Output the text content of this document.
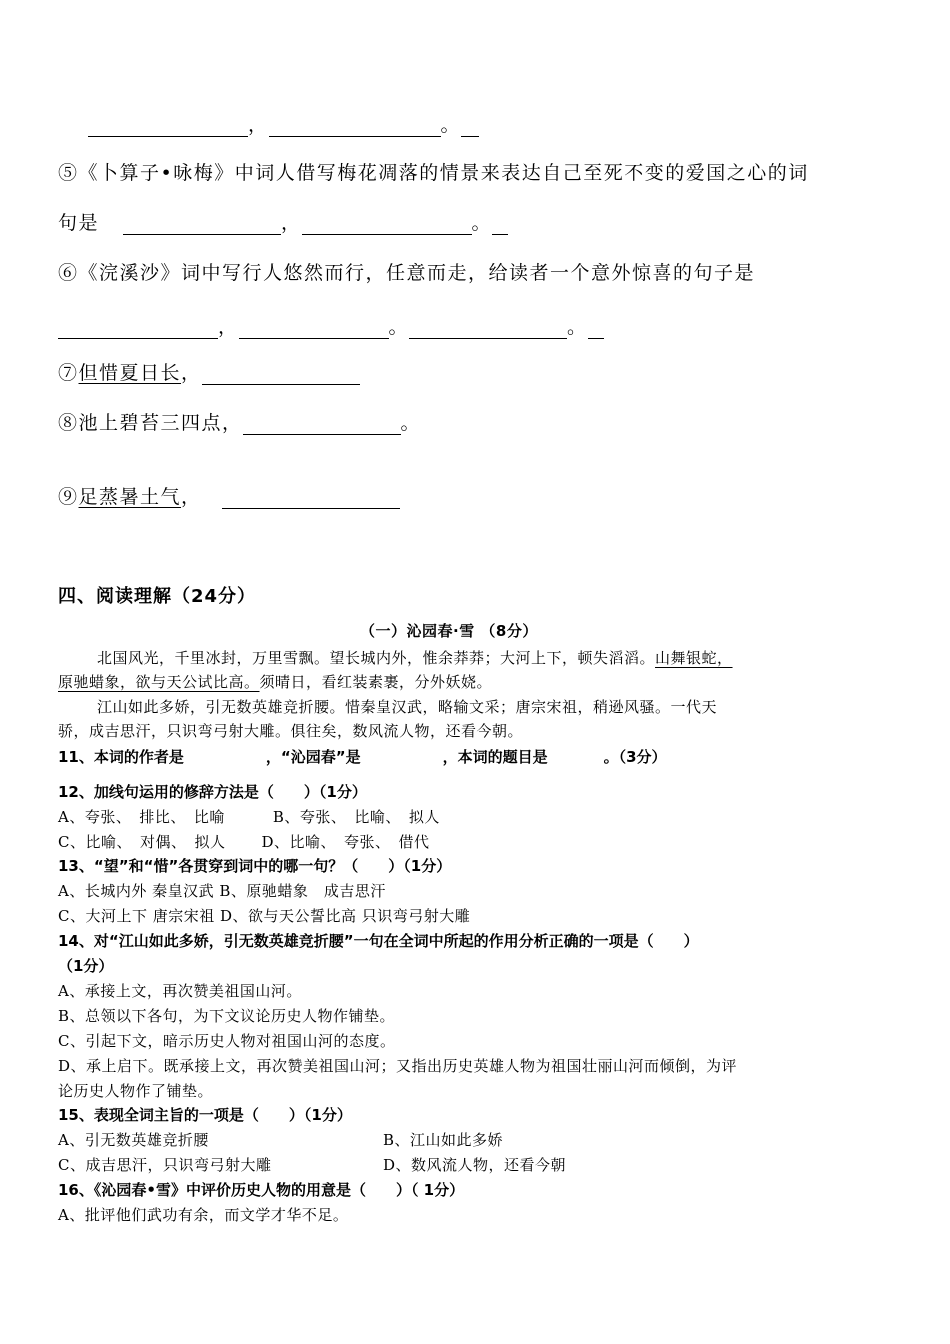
，	。
⑤《卜算子•咏梅》中词人借写梅花凋落的情景来表达自己至死不变的爱国之心的词
句是	，	。
⑥《浣溪沙》词中写行人悠然而行，任意而走，给读者一个意外惊喜的句子是
，	。	。
⑦但惜夏日长，
⑧池上碧苔三四点，	。
⑨足蒸暑土气，
四、阅读理解（24分）
（一）沁园春·雪 （8分）
北国风光，千里冰封，万里雪飘。望长城内外，惟余莽莽；大河上下，顿失滔滔。山舞银蛇，
原驰蜡象，欲与天公试比高。须晴日，看红装素裹，分外妖娆。
江山如此多娇，引无数英雄竞折腰。惜秦皇汉武，略输文采；唐宗宋祖，稍逊风骚。一代天
骄，成吉思汗，只识弯弓射大雕。俱往矣，数风流人物，还看今朝。
11、本词的作者是	，“沁园春”是	，本词的题目是	。（3分）
12、加线句运用的修辞方法是（　　）（1分）
A、夸张、　排比、　比喻	B、夸张、　比喻、　拟人
C、比喻、　对偶、　拟人 D、比喻、　夸张、　借代
13、“望”和“惜”各贯穿到词中的哪一句？（　　）（1分）
A、长城内外 秦皇汉武 B、原驰蜡象　成吉思汗
C、大河上下 唐宗宋祖 D、欲与天公誓比高 只识弯弓射大雕
14、对“江山如此多娇，引无数英雄竞折腰”一句在全词中所起的作用分析正确的一项是（　　）
（1分）
A、承接上文，再次赞美祖国山河。
B、总领以下各句，为下文议论历史人物作铺垫。
C、引起下文，暗示历史人物对祖国山河的态度。
D、承上启下。既承接上文，再次赞美祖国山河；又指出历史英雄人物为祖国壮丽山河而倾倒，为评
论历史人物作了铺垫。
15、表现全词主旨的一项是（　　）（1分）
A、引无数英雄竞折腰	B、江山如此多娇
C、成吉思汗，只识弯弓射大雕	D、数风流人物，还看今朝
16、《沁园春•雪》中评价历史人物的用意是（　　）（ 1分）
A、批评他们武功有余，而文学才华不足。
